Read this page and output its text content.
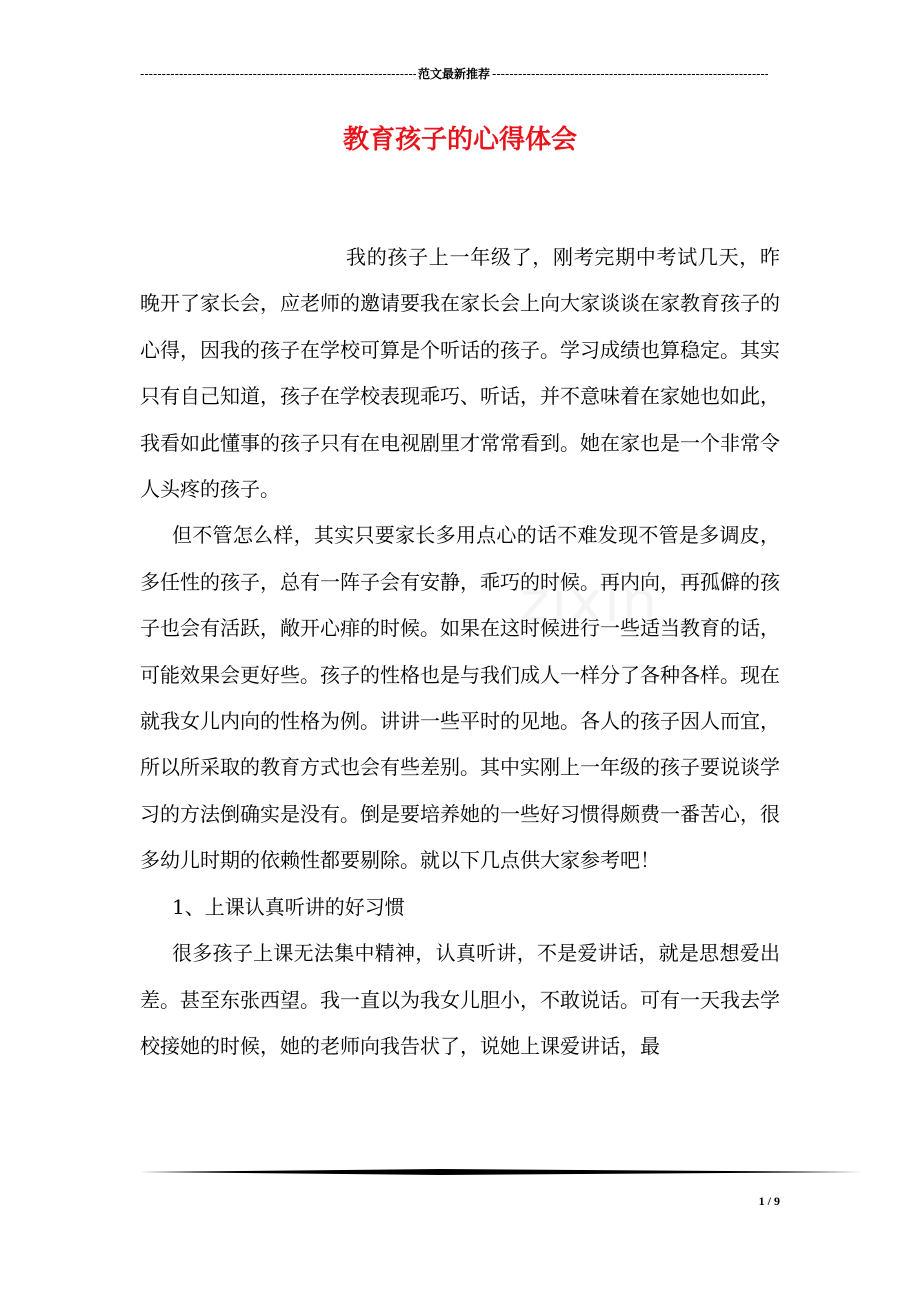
-----
范文最新推荐
-----
教育孩子的心得体会

我的孩子上一年级了，刚考完期中考试几天，昨晚开了家长会，应老师的邀请要我在家长会上向大家谈谈在家教育孩子的心得，因我的孩子在学校可算是个听话的孩子。学习成绩也算稳定。其实只有自己知道，孩子在学校表现乖巧、听话，并不意味着在家她也如此，我看如此懂事的孩子只有在电视剧里才常常看到。她在家也是一个非常令人头疼的孩子。

但不管怎么样，其实只要家长多用点心的话不难发现不管是多调皮，多任性的孩子，总有一阵子会有安静，乖巧的时候。再内向，再孤僻的孩子也会有活跃，敞开心痱的时候。如果在这时候进行一些适当教育的话，可能效果会更好些。孩子的性格也是与我们成人一样分了各种各样。现在就我女儿内向的性格为例。讲讲一些平时的见地。各人的孩子因人而宜，所以所采取的教育方式也会有些差别。其中实刚上一年级的孩子要说谈学习的方法倒确实是没有。倒是要培养她的一些好习惯得颇费一番苦心，很多幼儿时期的依赖性都要剔除。就以下几点供大家参考吧！

1、上课认真听讲的好习惯

很多孩子上课无法集中精神，认真听讲，不是爱讲话，就是思想爱出差。甚至东张西望。我一直以为我女儿胆小，不敢说话。可有一天我去学校接她的时候，她的老师向我告状了，说她上课爱讲话，最

1 / 9
